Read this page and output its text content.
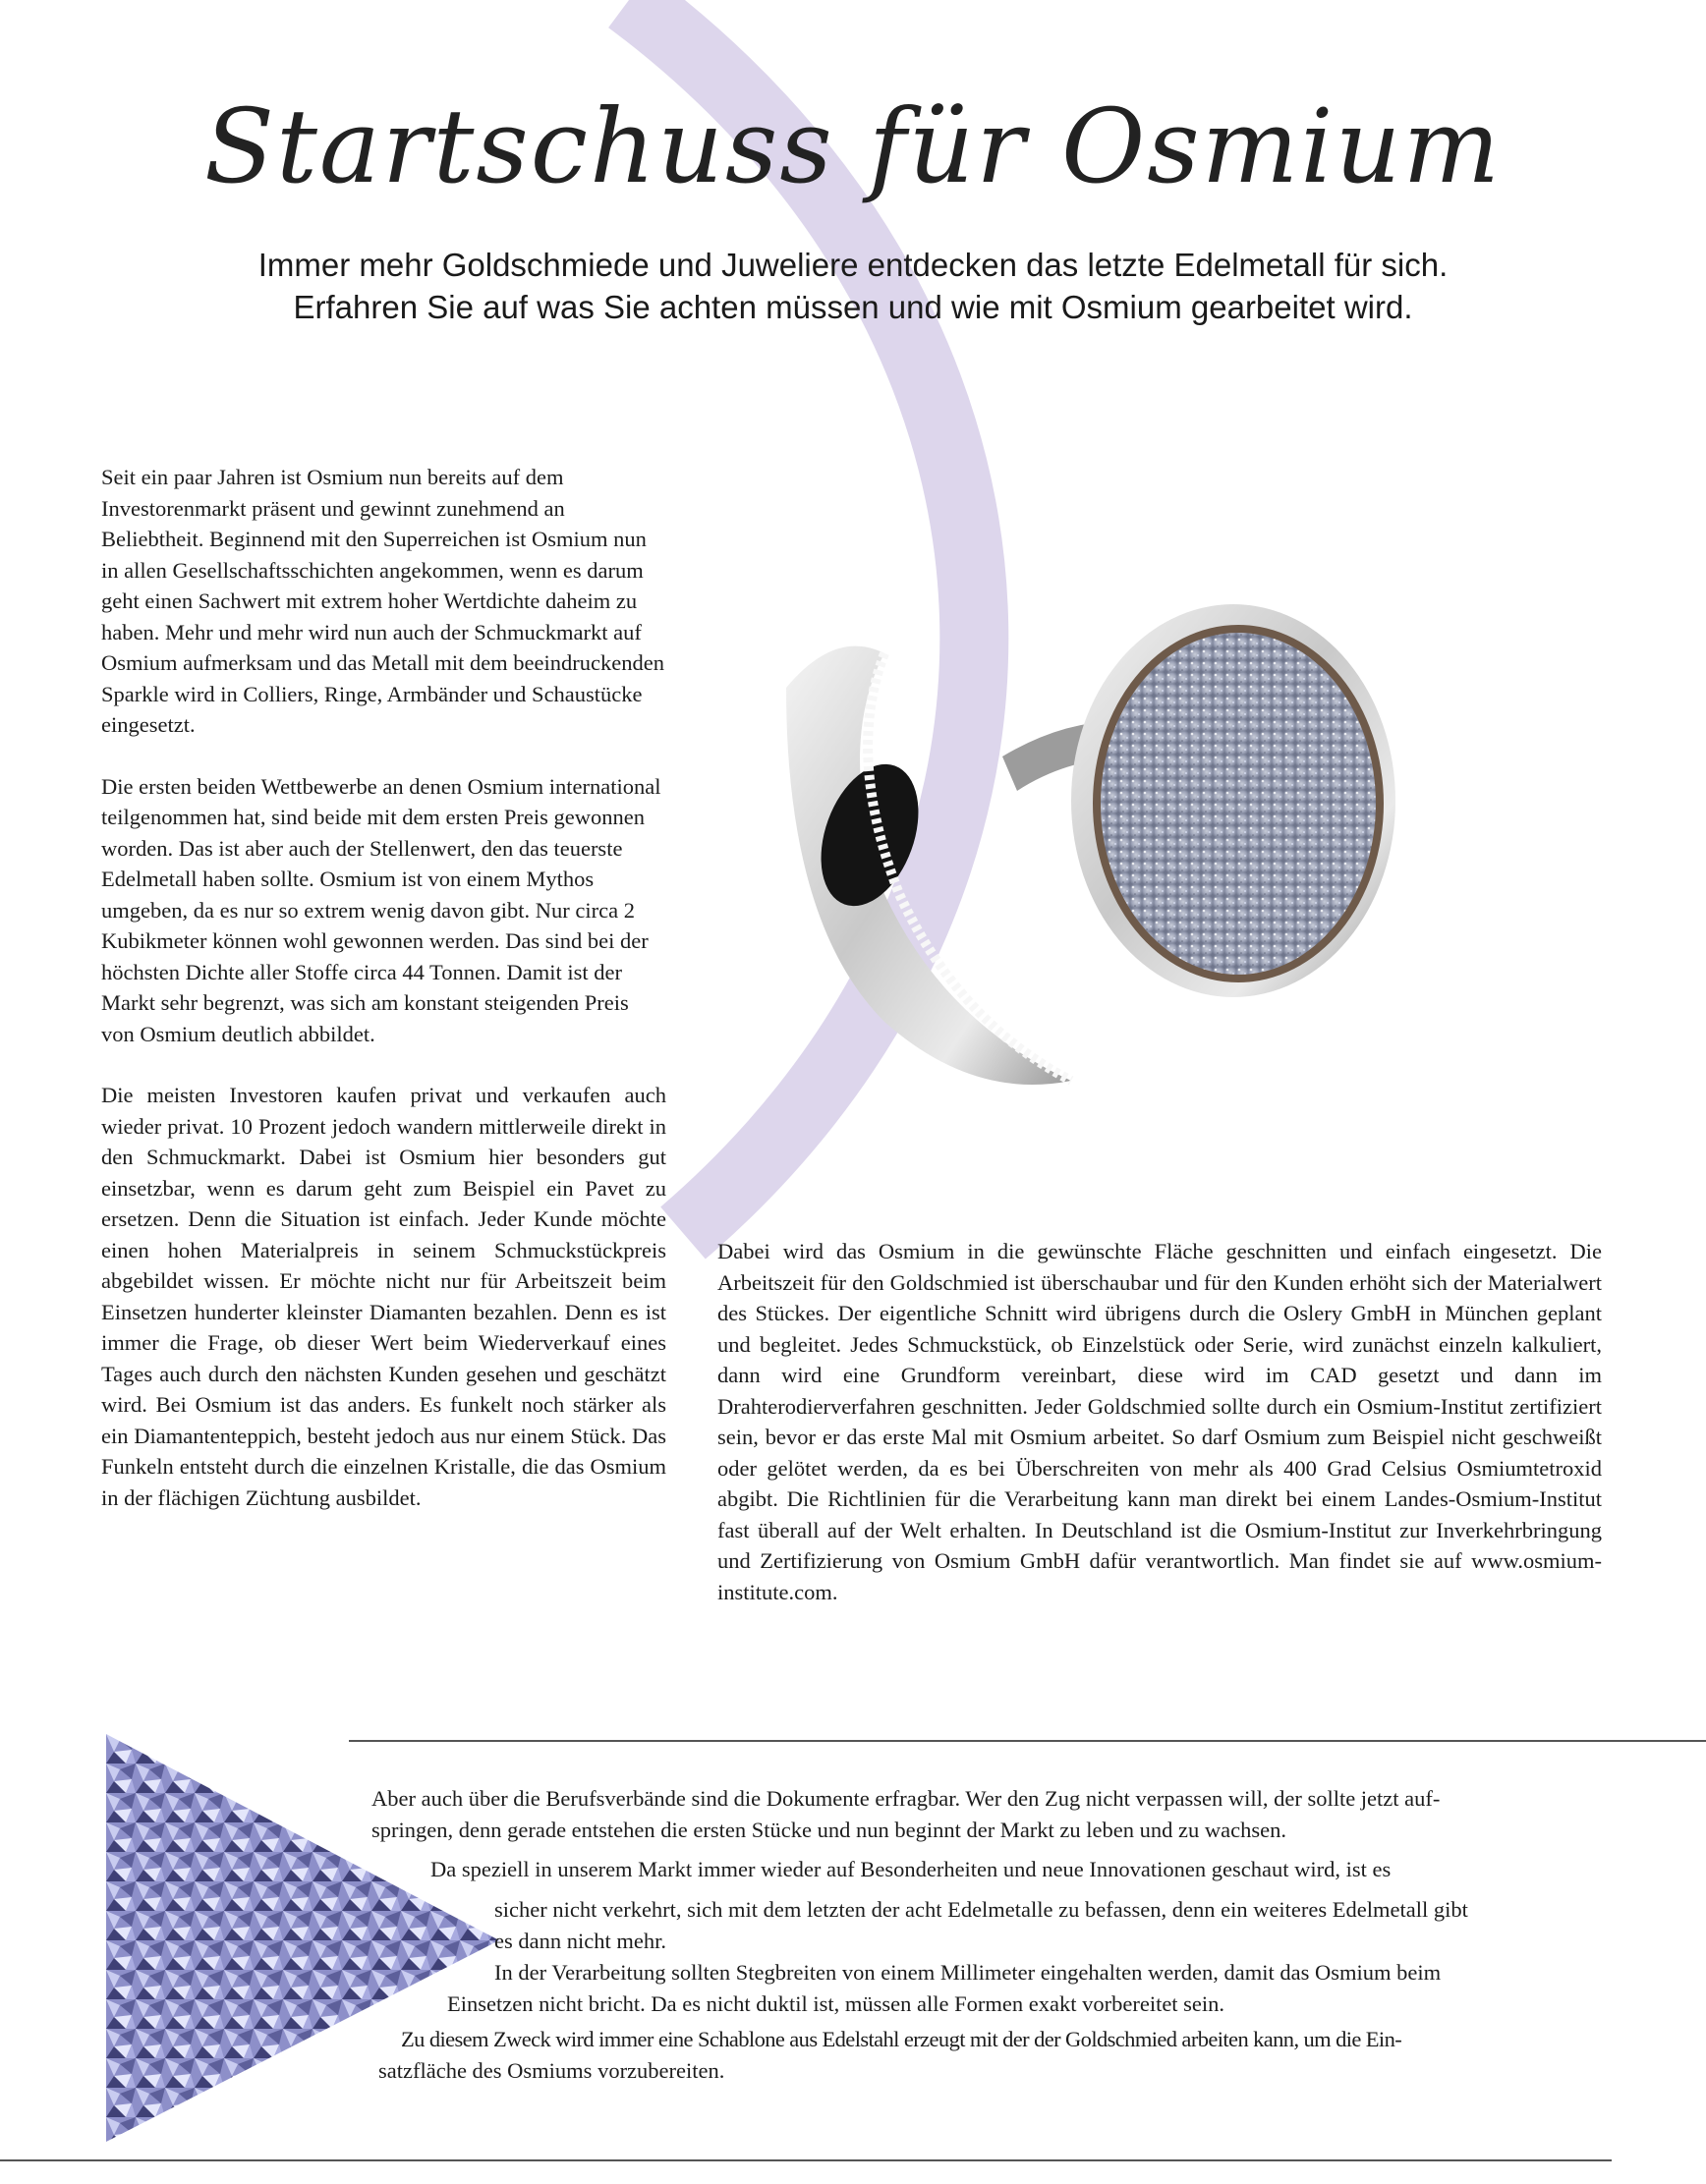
Startschuss für Osmium
Immer mehr Goldschmiede und Juweliere entdecken das letzte Edelmetall für sich.
Erfahren Sie auf was Sie achten müssen und wie mit Osmium gearbeitet wird.

Seit ein paar Jahren ist Osmium nun bereits auf dem Investorenmarkt präsent und gewinnt zunehmend an Beliebtheit. Beginnend mit den Superreichen ist Osmium nun in allen Gesellschaftsschichten angekommen, wenn es darum geht einen Sachwert mit extrem hoher Wertdichte daheim zu haben. Mehr und mehr wird nun auch der Schmuckmarkt auf Osmium aufmerksam und das Metall mit dem beeindruckenden Sparkle wird in Colliers, Ringe, Armbänder und Schaustücke eingesetzt.

Die ersten beiden Wettbewerbe an denen Osmium international teilgenommen hat, sind beide mit dem ersten Preis gewonnen worden. Das ist aber auch der Stellenwert, den das teuerste Edelmetall haben sollte. Osmium ist von einem Mythos umgeben, da es nur so extrem wenig davon gibt. Nur circa 2 Kubikmeter können wohl gewonnen werden. Das sind bei der höchsten Dichte aller Stoffe circa 44 Tonnen. Damit ist der Markt sehr begrenzt, was sich am konstant steigenden Preis von Osmium deutlich abbildet.

Die meisten Investoren kaufen privat und verkaufen auch wieder privat. 10 Prozent jedoch wandern mittlerweile direkt in den Schmuckmarkt. Dabei ist Osmium hier besonders gut einsetzbar, wenn es darum geht zum Beispiel ein Pavet zu ersetzen. Denn die Situation ist einfach. Jeder Kunde möchte einen hohen Materialpreis in seinem Schmuckstückpreis abgebildet wissen. Er möchte nicht nur für Arbeitszeit beim Einsetzen hunderter kleinster Diamanten bezahlen. Denn es ist immer die Frage, ob dieser Wert beim Wiederverkauf eines Tages auch durch den nächsten Kunden gesehen und geschätzt wird. Bei Osmium ist das anders. Es funkelt noch stärker als ein Diamantenteppich, besteht jedoch aus nur einem Stück. Das Funkeln entsteht durch die einzelnen Kristalle, die das Osmium in der flächigen Züchtung ausbildet.

Dabei wird das Osmium in die gewünschte Fläche geschnitten und einfach eingesetzt. Die Arbeitszeit für den Goldschmied ist überschaubar und für den Kunden erhöht sich der Materialwert des Stückes. Der eigentliche Schnitt wird übrigens durch die Oslery GmbH in München geplant und begleitet. Jedes Schmuckstück, ob Einzelstück oder Serie, wird zunächst einzeln kalkuliert, dann wird eine Grundform vereinbart, diese wird im CAD gesetzt und dann im Drahterodierverfahren geschnitten. Jeder Goldschmied sollte durch ein Osmium-Institut zertifiziert sein, bevor er das erste Mal mit Osmium arbeitet. So darf Osmium zum Beispiel nicht geschweißt oder gelötet werden, da es bei Überschreiten von mehr als 400 Grad Celsius Osmiumtetroxid abgibt. Die Richtlinien für die Verarbeitung kann man direkt bei einem Landes-Osmium-Institut fast überall auf der Welt erhalten. In Deutschland ist die Osmium-Institut zur Inverkehrbringung und Zertifizierung von Osmium GmbH dafür verantwortlich. Man findet sie auf www.osmium-institute.com.

Aber auch über die Berufsverbände sind die Dokumente erfragbar. Wer den Zug nicht verpassen will, der sollte jetzt auf-
springen, denn gerade entstehen die ersten Stücke und nun beginnt der Markt zu leben und zu wachsen.
Da speziell in unserem Markt immer wieder auf Besonderheiten und neue Innovationen geschaut wird, ist es
sicher nicht verkehrt, sich mit dem letzten der acht Edelmetalle zu befassen, denn ein weiteres Edelmetall gibt
es dann nicht mehr.
In der Verarbeitung sollten Stegbreiten von einem Millimeter eingehalten werden, damit das Osmium beim
Einsetzen nicht bricht. Da es nicht duktil ist, müssen alle Formen exakt vorbereitet sein.
Zu diesem Zweck wird immer eine Schablone aus Edelstahl erzeugt mit der der Goldschmied arbeiten kann, um die Ein-
satzfläche des Osmiums vorzubereiten.
